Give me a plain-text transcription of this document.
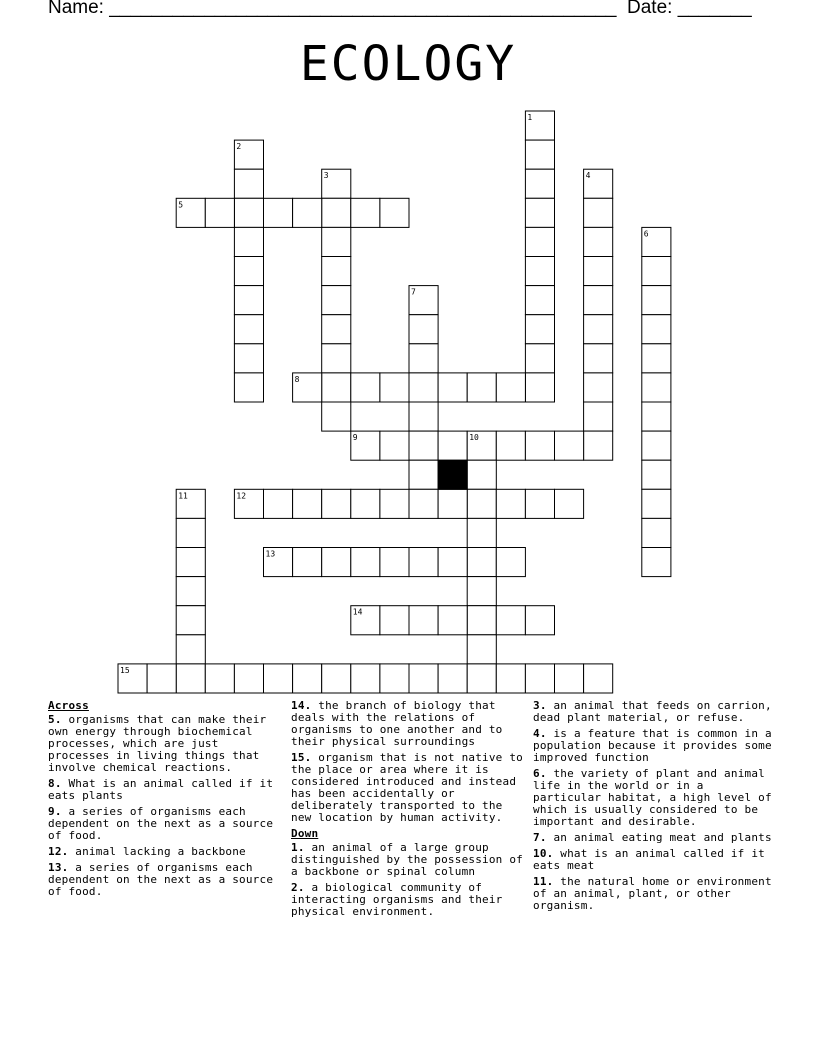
Name: ________________________________________________ Date: _______
ECOLOGY
1
2
3	4
5
6
7
8
9	10
11	12
13
14
15
Across
5. organisms that can make their own energy through biochemical processes, which are just processes in living things that involve chemical reactions.
8. What is an animal called if it eats plants
9. a series of organisms each dependent on the next as a source of food.
12. animal lacking a backbone
13. a series of organisms each dependent on the next as a source of food.
14. the branch of biology that deals with the relations of organisms to one another and to their physical surroundings
15. organism that is not native to the place or area where it is considered introduced and instead has been accidentally or deliberately transported to the new location by human activity.
Down
1. an animal of a large group distinguished by the possession of a backbone or spinal column
2. a biological community of interacting organisms and their physical environment.
3. an animal that feeds on carrion, dead plant material, or refuse.
4. is a feature that is common in a population because it provides some improved function
6. the variety of plant and animal life in the world or in a particular habitat, a high level of which is usually considered to be important and desirable.
7. an animal eating meat and plants
10. what is an animal called if it eats meat
11. the natural home or environment of an animal, plant, or other organism.
